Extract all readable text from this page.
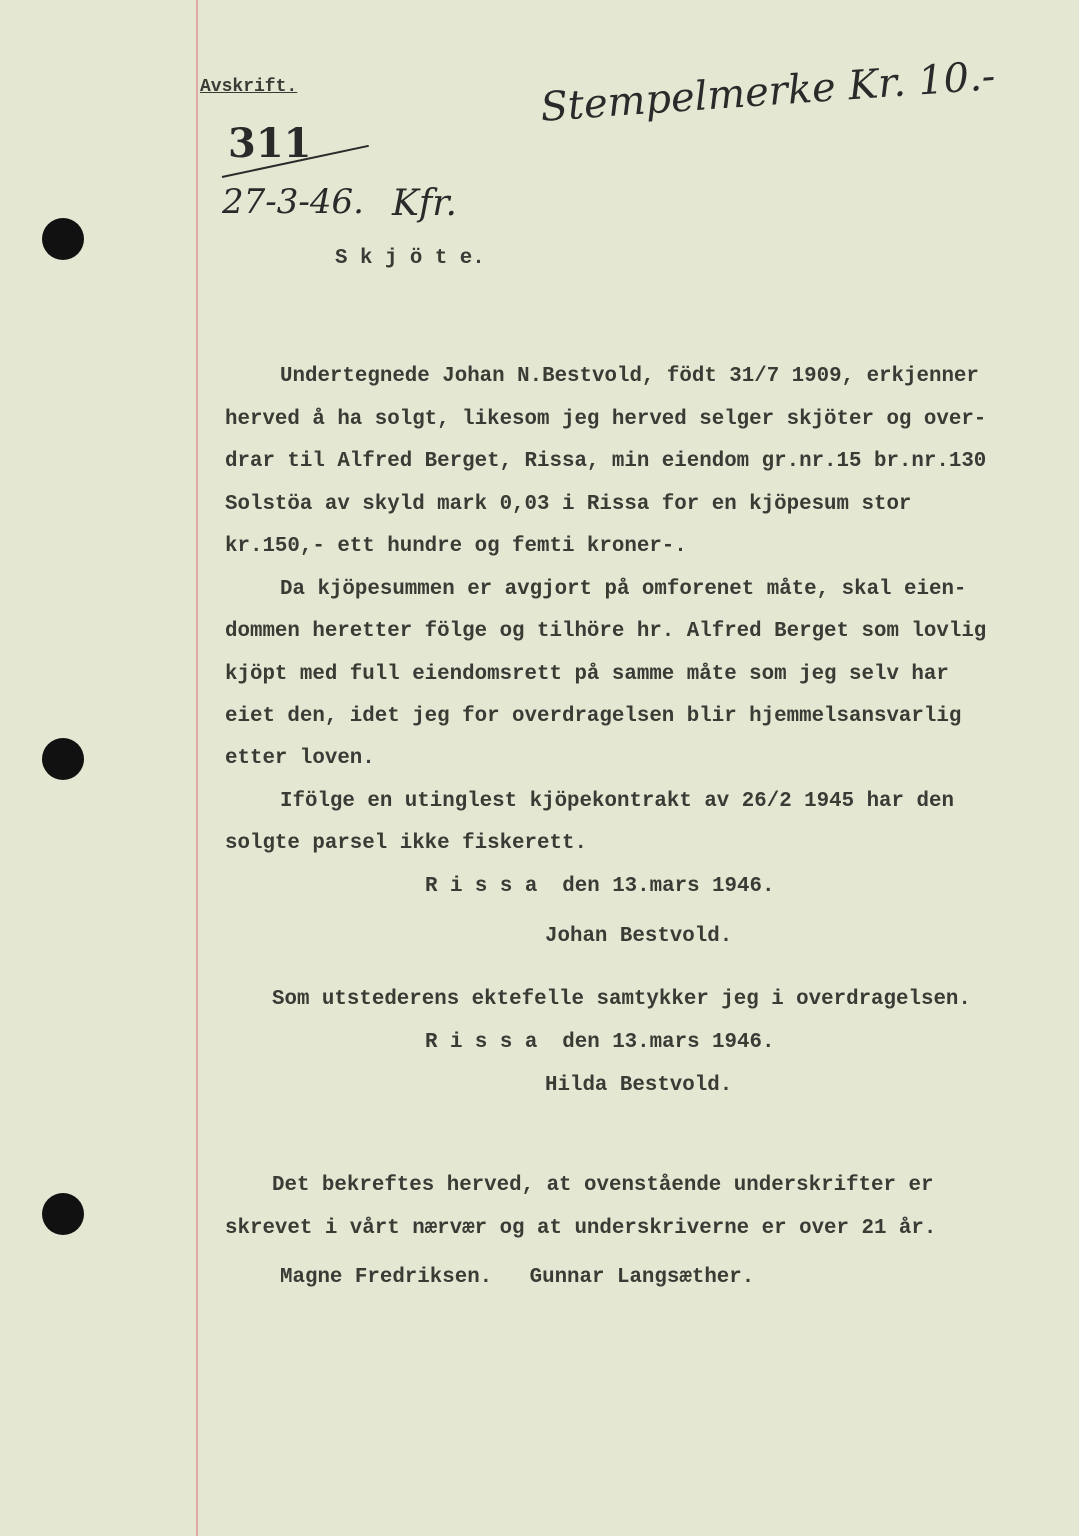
Avskrift.	Stempelmerke Kr. 10.-
311
27-3-46. Kfr.
S k j ö t e.
Undertegnede Johan N.Bestvold, födt 31/7 1909, erkjenner
herved å ha solgt, likesom jeg herved selger skjöter og over-
drar til Alfred Berget, Rissa, min eiendom gr.nr.15 br.nr.130
Solstöa av skyld mark 0,03 i Rissa for en kjöpesum stor
kr.150,- ett hundre og femti kroner-.
Da kjöpesummen er avgjort på omforenet måte, skal eien-
dommen heretter fölge og tilhöre hr. Alfred Berget som lovlig
kjöpt med full eiendomsrett på samme måte som jeg selv har
eiet den, idet jeg for overdragelsen blir hjemmelsansvarlig
etter loven.
Ifölge en utinglest kjöpekontrakt av 26/2 1945 har den
solgte parsel ikke fiskerett.
R i s s a  den 13.mars 1946.
Johan Bestvold.
Som utstederens ektefelle samtykker jeg i overdragelsen.
R i s s a  den 13.mars 1946.
Hilda Bestvold.
Det bekreftes herved, at ovenstående underskrifter er
skrevet i vårt nærvær og at underskriverne er over 21 år.
Magne Fredriksen.   Gunnar Langsæther.
